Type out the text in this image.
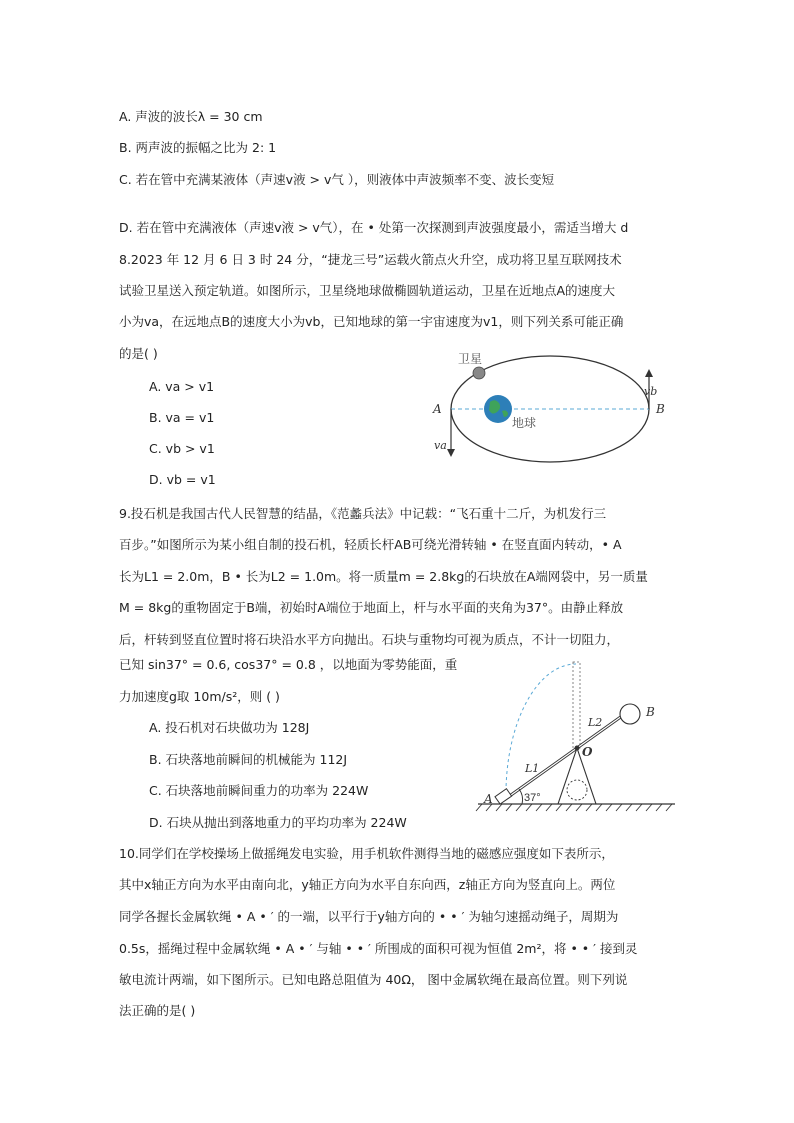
A. 声波的波长λ = 30 cm
B. 两声波的振幅之比为 2: 1
C. 若在管中充满某液体（声速v液 > v气 ），则液体中声波频率不变、波长变短
D. 若在管中充满液体（声速v液 > v气），在 • 处第一次探测到声波强度最小，需适当增大 d
8.2023 年 12 月 6 日 3 时 24 分，“捷龙三号”运载火箭点火升空，成功将卫星互联网技术
试验卫星送入预定轨道。如图所示，卫星绕地球做椭圆轨道运动，卫星在近地点A的速度大
小为va，在远地点B的速度大小为vb，已知地球的第一宇宙速度为v1，则下列关系可能正确
的是( )
A. va > v1
B. va = v1
C. vb > v1
D. vb = v1
卫星
地球
A	B
va
vb
9.投石机是我国古代人民智慧的结晶，《范蠡兵法》中记载：“飞石重十二斤，为机发行三
百步。”如图所示为某小组自制的投石机，轻质长杆AB可绕光滑转轴 • 在竖直面内转动，• A
长为L1 = 2.0m，B • 长为L2 = 1.0m。将一质量m = 2.8kg的石块放在A端网袋中，另一质量
M = 8kg的重物固定于B端，初始时A端位于地面上，杆与水平面的夹角为37°。由静止释放
后，杆转到竖直位置时将石块沿水平方向抛出。石块与重物均可视为质点，不计一切阻力，
已知 sin37° = 0.6, cos37° = 0.8 ，以地面为零势能面，重
力加速度g取 10m/s²，则 ( )
A. 投石机对石块做功为 128J
B. 石块落地前瞬间的机械能为 112J
C. 石块落地前瞬间重力的功率为 224W
D. 石块从抛出到落地重力的平均功率为 224W
A	37°
O
B
L1
L2
10.同学们在学校操场上做摇绳发电实验，用手机软件测得当地的磁感应强度如下表所示，
其中x轴正方向为水平由南向北，y轴正方向为水平自东向西，z轴正方向为竖直向上。两位
同学各握长金属软绳 • A • ′ 的一端，以平行于y轴方向的 • • ′ 为轴匀速摇动绳子，周期为
0.5s，摇绳过程中金属软绳 • A • ′ 与轴 • • ′ 所围成的面积可视为恒值 2m²，将 • • ′ 接到灵
敏电流计两端，如下图所示。已知电路总阻值为 40Ω， 图中金属软绳在最高位置。则下列说
法正确的是( )
